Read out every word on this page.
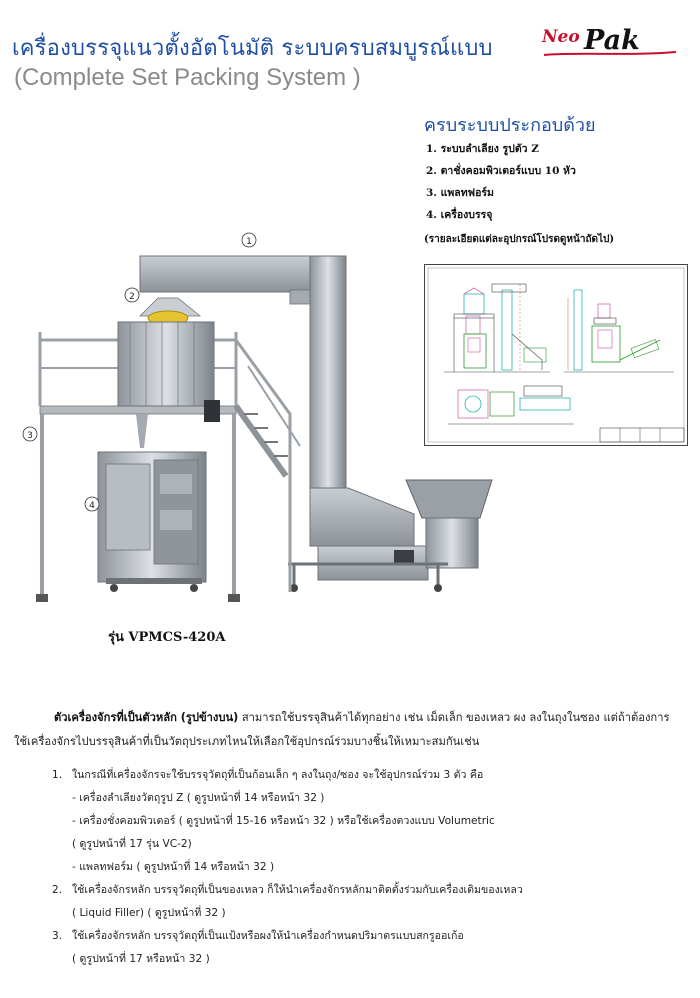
เครื่องบรรจุแนวตั้งอัตโนมัติ ระบบครบสมบูรณ์แบบ
(Complete Set Packing System )
Neo Pak
ครบระบบประกอบด้วย
1. ระบบลำเลียง รูปตัว Z
2. ตาชั่งคอมพิวเตอร์แบบ 10 หัว
3. แพลทฟอร์ม
4. เครื่องบรรจุ
(รายละเอียดแต่ละอุปกรณ์โปรดดูหน้าถัดไป)
1
2
3
4
รุ่น VPMCS-420A
ตัวเครื่องจักรที่เป็นตัวหลัก (รูปข้างบน) สามารถใช้บรรจุสินค้าได้ทุกอย่าง เช่น เม็ดเล็ก ของเหลว ผง ลงในถุงในซอง แต่ถ้าต้องการใช้เครื่องจักรไปบรรจุสินค้าที่เป็นวัตถุประเภทไหนให้เลือกใช้อุปกรณ์ร่วมบางชิ้นให้เหมาะสมกันเช่น
1. ในกรณีที่เครื่องจักรจะใช้บรรจุวัตถุที่เป็นก้อนเล็ก ๆ ลงในถุง/ซอง จะใช้อุปกรณ์ร่วม 3 ตัว คือ
- เครื่องลำเลียงวัตถุรูป Z ( ดูรูปหน้าที่ 14 หรือหน้า 32 )
- เครื่องชั่งคอมพิวเตอร์ ( ดูรูปหน้าที่ 15-16 หรือหน้า 32 ) หรือใช้เครื่องตวงแบบ Volumetric
( ดูรูปหน้าที่ 17 รุ่น VC-2)
- แพลทฟอร์ม ( ดูรูปหน้าที่ 14 หรือหน้า 32 )
2. ใช้เครื่องจักรหลัก บรรจุวัตถุที่เป็นของเหลว ก็ให้นำเครื่องจักรหลักมาติดตั้งร่วมกับเครื่องเติมของเหลว
( Liquid Filler) ( ดูรูปหน้าที่ 32 )
3. ใช้เครื่องจักรหลัก บรรจุวัตถุที่เป็นแป้งหรือผงให้นำเครื่องกำหนดปริมาตรแบบสกรูออเก้อ
( ดูรูปหน้าที่ 17 หรือหน้า 32 )
